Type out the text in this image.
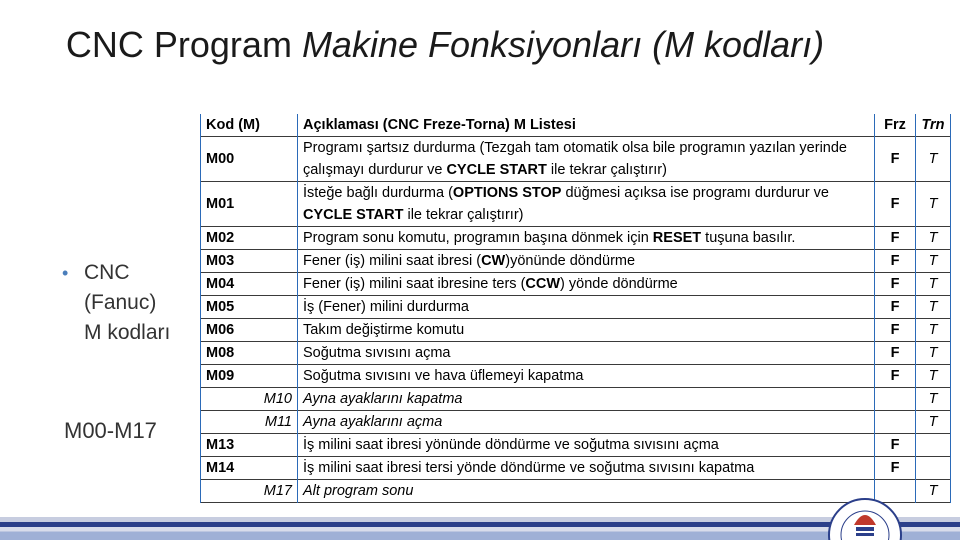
CNC Program Makine Fonksiyonları (M kodları)
• CNC
(Fanuc)
M kodları
M00-M17
Kod (M)	Açıklaması (CNC Freze-Torna) M Listesi	Frz	Trn
M00	Programı şartsız durdurma (Tezgah tam otomatik olsa bile programın yazılan yerinde çalışmayı durdurur ve CYCLE START ile tekrar çalıştırır)	F	T
M01	İsteğe bağlı durdurma (OPTIONS STOP düğmesi açıksa ise programı durdurur ve CYCLE START ile tekrar çalıştırır)	F	T
M02	Program sonu komutu, programın başına dönmek için RESET tuşuna basılır.	F	T
M03	Fener (iş) milini saat ibresi (CW)yönünde döndürme	F	T
M04	Fener (iş) milini saat ibresine ters (CCW) yönde döndürme	F	T
M05	İş (Fener) milini durdurma	F	T
M06	Takım değiştirme komutu	F	T
M08	Soğutma sıvısını açma	F	T
M09	Soğutma sıvısını ve hava üflemeyi kapatma	F	T
M10	Ayna ayaklarını kapatma		T
M11	Ayna ayaklarını açma		T
M13	İş milini saat ibresi yönünde döndürme ve soğutma sıvısını açma	F	
M14	İş milini saat ibresi tersi yönde döndürme ve soğutma sıvısını kapatma	F	
M17	Alt program sonu		T
